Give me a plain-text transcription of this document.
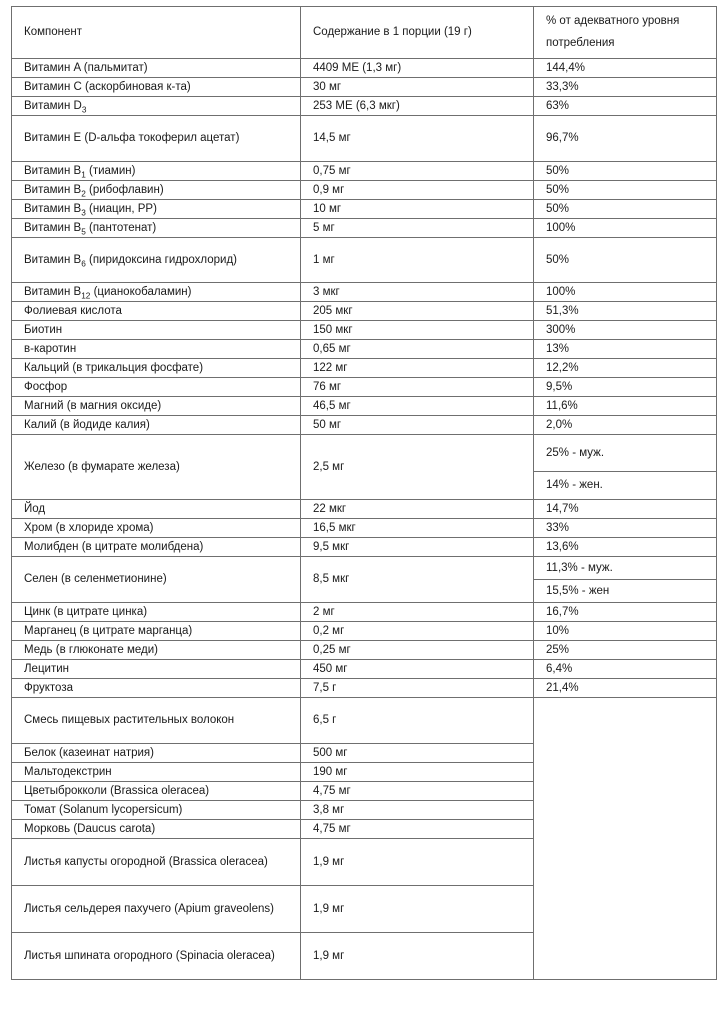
Компонент	Содержание в 1 порции (19 г)	% от адекватного уровня
потребления
Витамин A (пальмитат)	4409 МЕ (1,3 мг)	144,4%
Витамин C (аскорбиновая к-та)	30 мг	33,3%
Витамин $D_3$	253 МЕ (6,3 мкг)	63%
Витамин E (D-альфа токоферил ацетат)	14,5 мг	96,7%
Витамин $B_1$ (тиамин)	0,75 мг	50%
Витамин $B_2$ (рибофлавин)	0,9 мг	50%
Витамин $B_3$ (ниацин, PP)	10 мг	50%
Витамин $B_5$ (пантотенат)	5 мг	100%
Витамин $B_6$ (пиридоксина гидрохлорид)	1 мг	50%
Витамин $B_{12}$ (цианокобаламин)	3 мкг	100%
Фолиевая кислота	205 мкг	51,3%
Биотин	150 мкг	300%
в-каротин	0,65 мг	13%
Кальций (в трикальция фосфате)	122 мг	12,2%
Фосфор	76 мг	9,5%
Магний (в магния оксиде)	46,5 мг	11,6%
Калий (в йодиде калия)	50 мг	2,0%
Железо (в фумарате железа)	2,5 мг	25% - муж.
		14% - жен.
Йод	22 мкг	14,7%
Хром (в хлориде хрома)	16,5 мкг	33%
Молибден (в цитрате молибдена)	9,5 мкг	13,6%
Селен (в селенметионине)	8,5 мкг	11,3% - муж.
		15,5% - жен
Цинк (в цитрате цинка)	2 мг	16,7%
Марганец (в цитрате марганца)	0,2 мг	10%
Медь (в глюконате меди)	0,25 мг	25%
Лецитин	450 мг	6,4%
Фруктоза	7,5 г	21,4%
Смесь пищевых растительных волокон	6,5 г	
Белок (казеинат натрия)	500 мг	
Мальтодекстрин	190 мг	
Цветыброкколи (Brassica oleracea)	4,75 мг	
Томат (Solanum lycopersicum)	3,8 мг	
Морковь (Daucus carota)	4,75 мг	
Листья капусты огородной (Brassica oleracea)	1,9 мг	
Листья сельдерея пахучего (Apium graveolens)	1,9 мг	
Листья шпината огородного (Spinacia oleracea)	1,9 мг	
